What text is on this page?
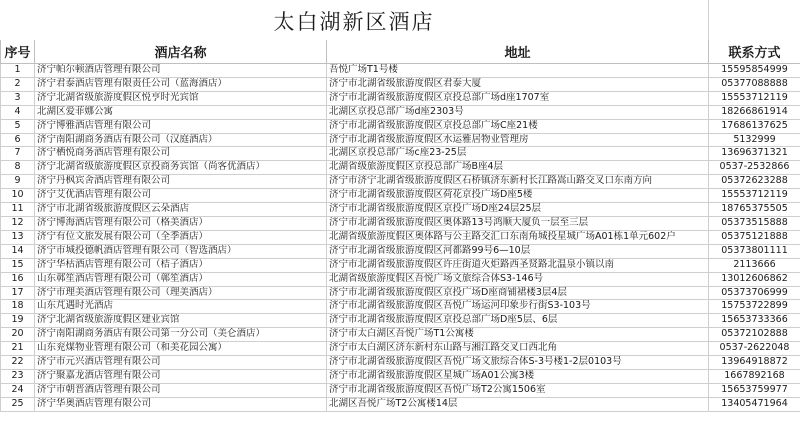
太白湖新区酒店
序号	酒店名称	地址	联系方式
1	济宁帕尔顿酒店管理有限公司	吾悦广场T1号楼	15595854999
2	济宁君泰酒店管理有限责任公司（蓝海酒店）	济宁市北湖省级旅游度假区君泰大厦	05377088888
3	济宁北湖省级旅游度假区悦亨时光宾馆	济宁市北湖省级旅游度假区京投总部广场d座1707室	15553712119
4	北湖区爱菲娜公寓	北湖区京投总部广场d座2303号	18266861914
5	济宁博雅酒店管理有限公司	济宁市北湖省级旅游度假区京投总部广场C座21楼	17686137625
6	济宁南阳湖商务酒店有限公司（汉庭酒店）	济宁市北湖省级旅游度假区水运雅居物业管理房	5132999
7	济宁栖悦商务酒店管理有限公司	北湖区京投总部广场c座23-25层	13696371321
8	济宁北湖省级旅游度假区京投商务宾馆（尚客优酒店）	北湖省级旅游度假区京投总部广场B座4层	0537-2532866
9	济宁丹枫宾舍酒店管理有限公司	济宁市济宁北湖省级旅游度假区石桥镇济东新村长江路嵩山路交叉口东南方向	05372623288
10	济宁艾优酒店管理有限公司	济宁市北湖省级旅游度假区荷花京投广场D座5楼	15553712119
11	济宁市北湖省级旅游度假区云朵酒店	济宁市北湖省级旅游度假区京投广场D座24层25层	18765375505
12	济宁博海酒店管理有限公司（格美酒店）	济宁市北湖省级旅游度假区奥体路13号鸿顺大厦负一层至三层	05373515888
13	济宁有位文旅发展有限公司（全季酒店）	北湖省级旅游度假区奥体路与公主路交汇口东南角城投星城广场A01栋1单元602户	05375121888
14	济宁市城投德帆酒店管理有限公司（智选酒店）	济宁市北湖省级旅游度假区河都路99号6—10层	05373801111
15	济宁华枯酒店管理有限公司（桔子酒店）	济宁市北湖省级旅游度假区许庄街道火炬路西圣贤路北温泉小镇以南	2113666
16	山东鄣笙酒店管理有限公司（鄣笙酒店）	北湖省级旅游度假区吾悦广场文旅综合体S3-146号	13012606862
17	济宁市理美酒店管理有限公司（理美酒店）	济宁市北湖省级旅游度假区京投广场D座商铺裙楼3层4层	05373706999
18	山东芃遇时光酒店	济宁市北湖省级旅游度假区吾悦广场运河印象步行街S3-103号	15753722899
19	济宁北湖省级旅游度假区建业宾馆	济宁市北湖省级旅游度假区京投总部广场D座5层、6层	15653733366
20	济宁南阳湖商务酒店有限公司第一分公司（美仑酒店）	济宁市太白湖区吾悦广场T1公寓楼	05372102888
21	山东兖煤物业管理有限公司（和美花园公寓）	济宁市太白湖区济东新村东山路与湘江路交叉口西北角	0537-2622048
22	济宁市元兴酒店管理有限公司	济宁市北湖省级旅游度假区吾悦广场文旅综合体S-3号楼1-2层0103号	13964918872
23	济宁聚嘉龙酒店管理有限公司	济宁市北湖省级旅游度假区星城广场A01公寓3楼	1667892168
24	济宁市朝晋酒店管理有限公司	济宁市北湖省级旅游度假区吾悦广场T2公寓1506室	15653759977
25	济宁华奥酒店管理有限公司	北湖区吾悦广场T2公寓楼14层	13405471964
